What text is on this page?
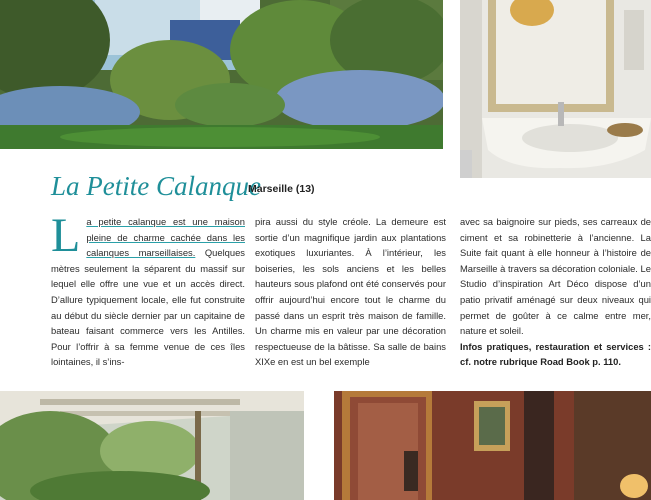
La Petite Calanque
Marseille (13)
L a petite calanque est une maison pleine de charme cachée dans les calanques marseillaises. Quelques mètres seulement la séparent du massif sur lequel elle offre une vue et un accès direct. D’allure typiquement locale, elle fut construite au début du siècle dernier par un capitaine de bateau faisant commerce vers les Antilles. Pour l’offrir à sa femme venue de ces îles lointaines, il s’ins-

pira aussi du style créole. La demeure est sortie d’un magnifique jardin aux plantations exotiques luxuriantes. À l’intérieur, les boiseries, les sols anciens et les belles hauteurs sous plafond ont été conservés pour offrir aujourd’hui encore tout le charme du passé dans un esprit très maison de famille. Un charme mis en valeur par une décoration respectueuse de la bâtisse. Sa salle de bains XIXe en est un bel exemple

avec sa baignoire sur pieds, ses carreaux de ciment et sa robinetterie à l’ancienne. La Suite fait quant à elle honneur à l’histoire de Marseille à travers sa décoration coloniale. Le Studio d’inspiration Art Déco dispose d’un patio privatif aménagé sur deux niveaux qui permet de goûter à ce calme entre mer, nature et soleil.

Infos pratiques, restauration et services : cf. notre rubrique Road Book p. 110.
